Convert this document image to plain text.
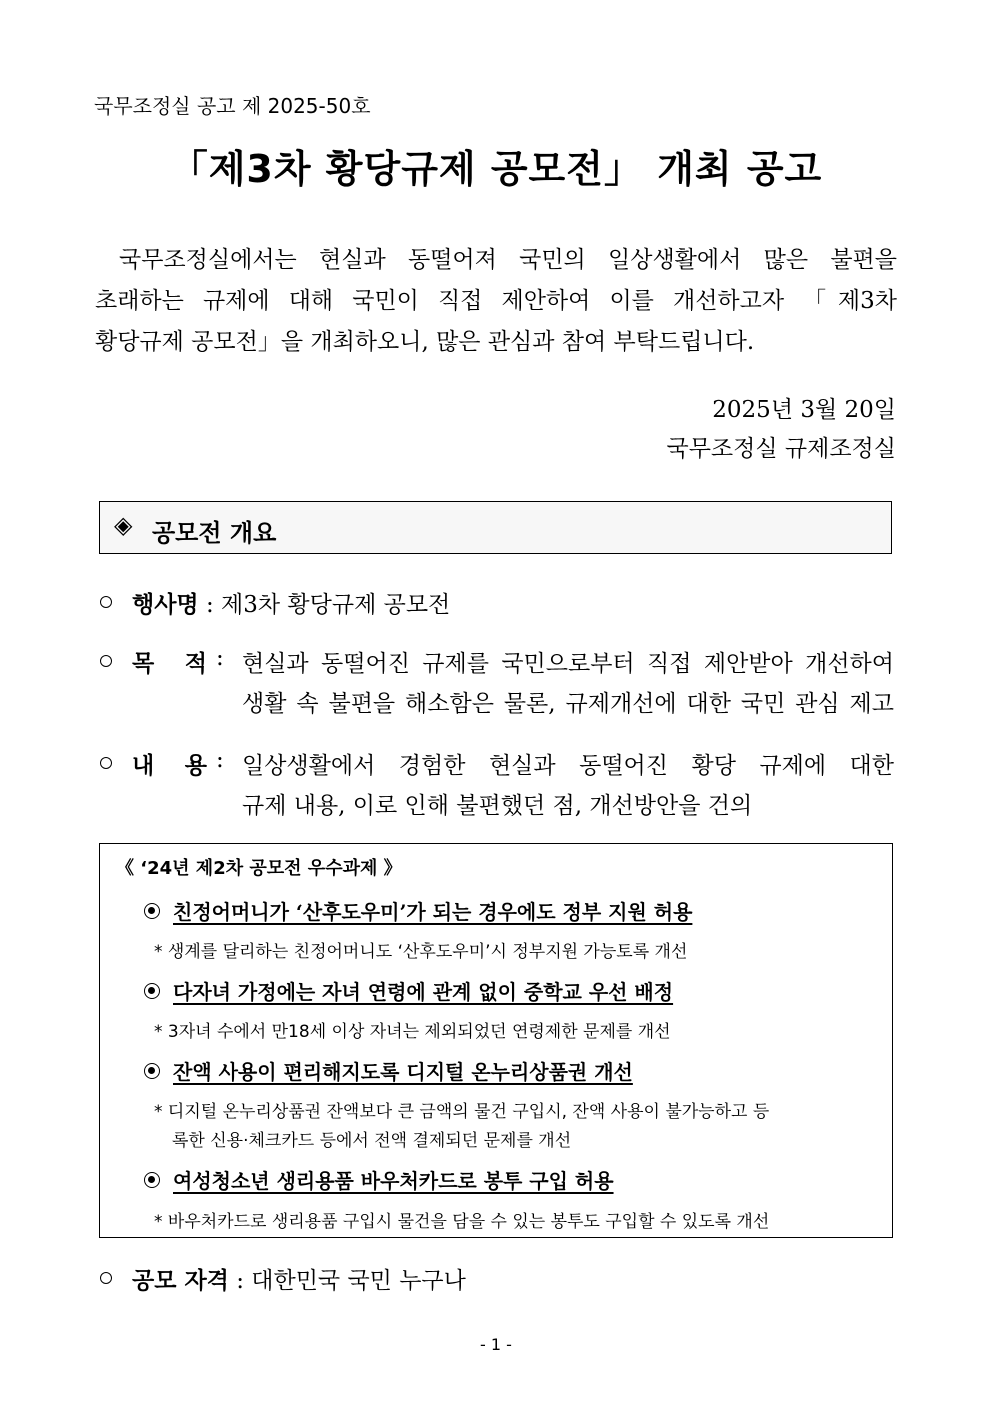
국무조정실 공고 제 2025-50호
「제3차 황당규제 공모전」 개최 공고
국무조정실에서는 현실과 동떨어져 국민의 일상생활에서 많은 불편을
초래하는 규제에 대해 국민이 직접 제안하여 이를 개선하고자 「제3차
황당규제 공모전」을 개최하오니, 많은 관심과 참여 부탁드립니다.
2025년 3월 20일
국무조정실 규제조정실
◈ 공모전 개요
행사명 : 제3차 황당규제 공모전
목  적 : 현실과 동떨어진 규제를 국민으로부터 직접 제안받아 개선하여
생활 속 불편을 해소함은 물론, 규제개선에 대한 국민 관심 제고
내  용 : 일상생활에서 경험한 현실과 동떨어진 황당 규제에 대한
규제 내용, 이로 인해 불편했던 점, 개선방안을 건의
《 ‘24년 제2차 공모전 우수과제 》
친정어머니가 ‘산후도우미’가 되는 경우에도 정부 지원 허용
* 생계를 달리하는 친정어머니도 ‘산후도우미’시 정부지원 가능토록 개선
다자녀 가정에는 자녀 연령에 관계 없이 중학교 우선 배정
* 3자녀 수에서 만18세 이상 자녀는 제외되었던 연령제한 문제를 개선
잔액 사용이 편리해지도록 디지털 온누리상품권 개선
* 디지털 온누리상품권 잔액보다 큰 금액의 물건 구입시, 잔액 사용이 불가능하고 등
록한 신용·체크카드 등에서 전액 결제되던 문제를 개선
여성청소년 생리용품 바우처카드로 봉투 구입 허용
* 바우처카드로 생리용품 구입시 물건을 담을 수 있는 봉투도 구입할 수 있도록 개선
공모 자격 : 대한민국 국민 누구나
- 1 -
